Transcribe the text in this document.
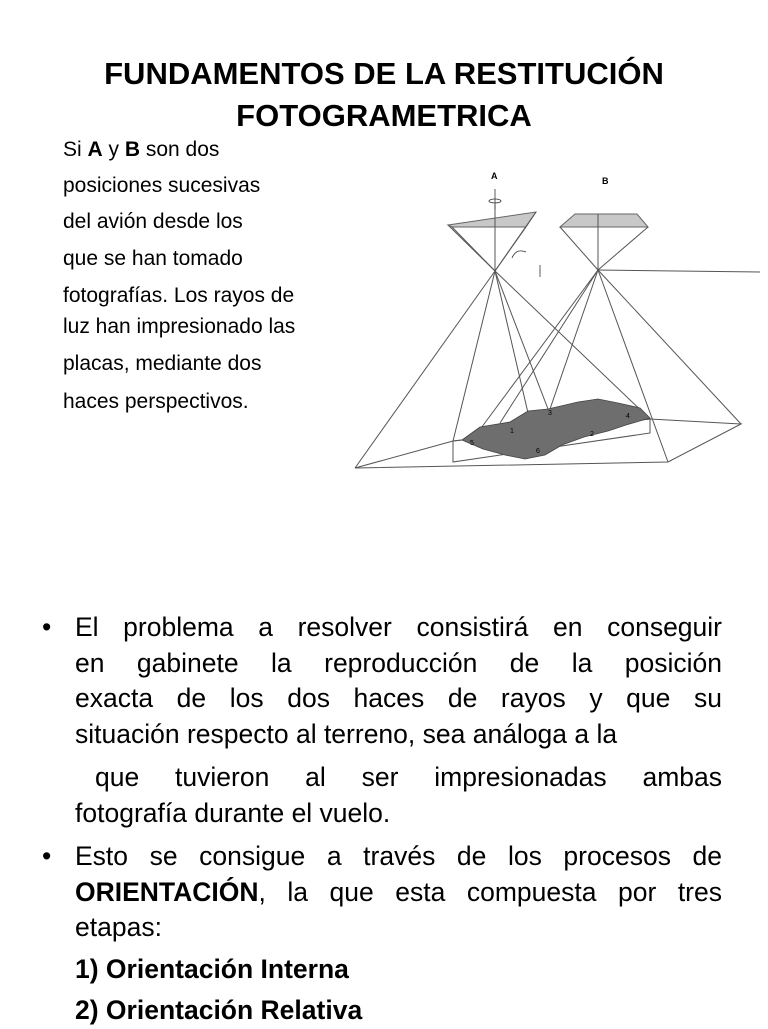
FUNDAMENTOS DE LA RESTITUCIÓN
FOTOGRAMETRICA
Si A y B son dos
posiciones sucesivas
del avión desde los
que se han tomado
fotografías. Los rayos de
luz han impresionado las
placas, mediante dos
haces perspectivos.
1	2
3	4
5
6
A	B
• El problema a resolver consistirá en conseguir
en gabinete la reproducción de la posición
exacta de los dos haces de rayos y que su
situación respecto al terreno, sea análoga a la
que tuvieron al ser impresionadas ambas
fotografía durante el vuelo.
• Esto se consigue a través de los procesos de
ORIENTACIÓN, la que esta compuesta por tres
etapas:
1) Orientación Interna
2) Orientación Relativa
